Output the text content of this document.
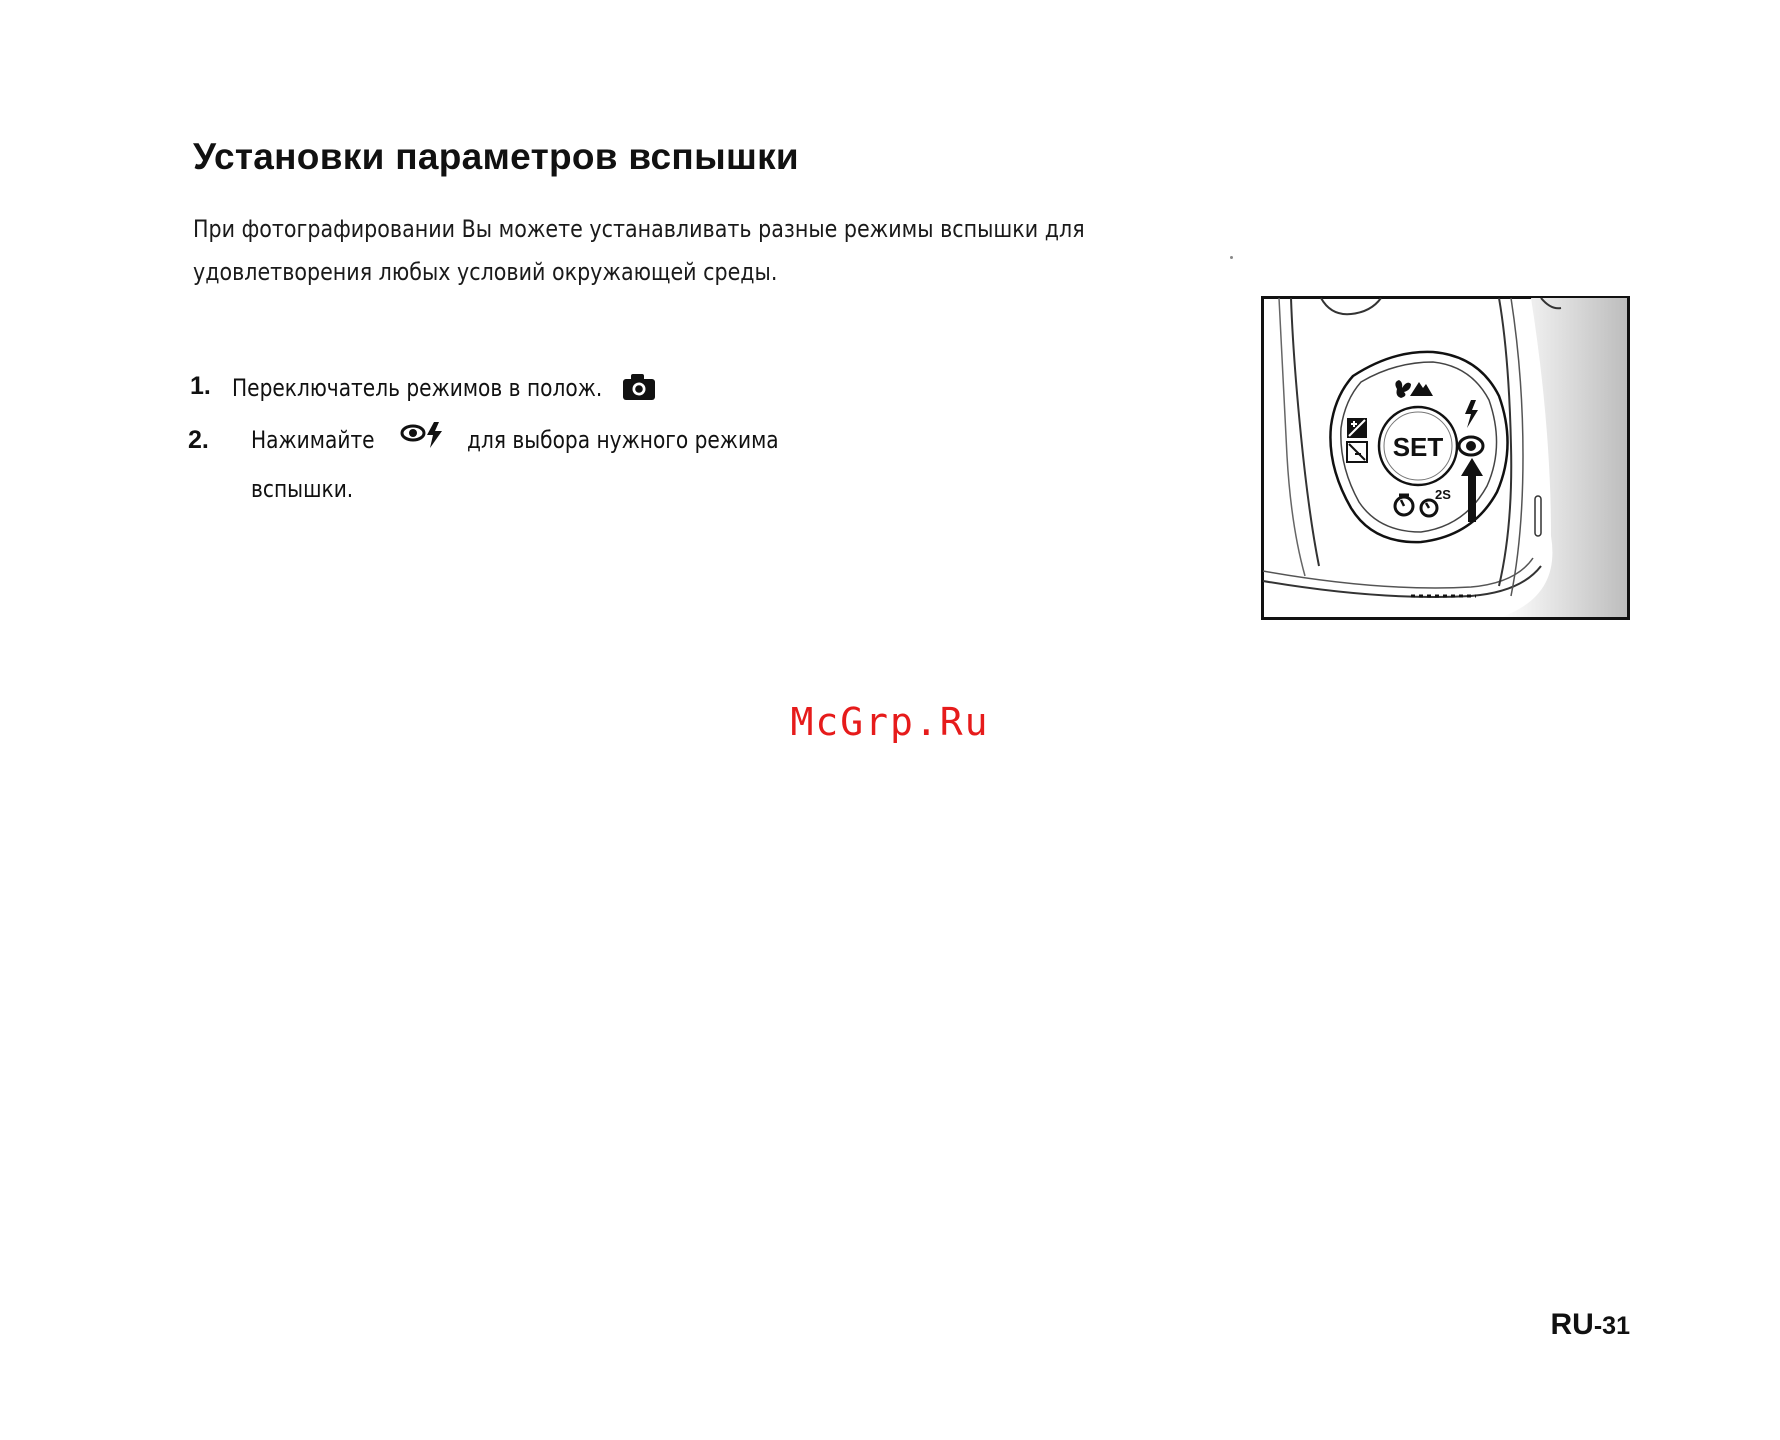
Установки параметров вспышки

При фотографировании Вы можете устанавливать разные режимы вспышки для удовлетворения любых условий окружающей среды.

1. Переключатель режимов в полож.
2. Нажимайте	для выбора нужного режима
вспышки.
SET
2S
McGrp.Ru
RU-31
